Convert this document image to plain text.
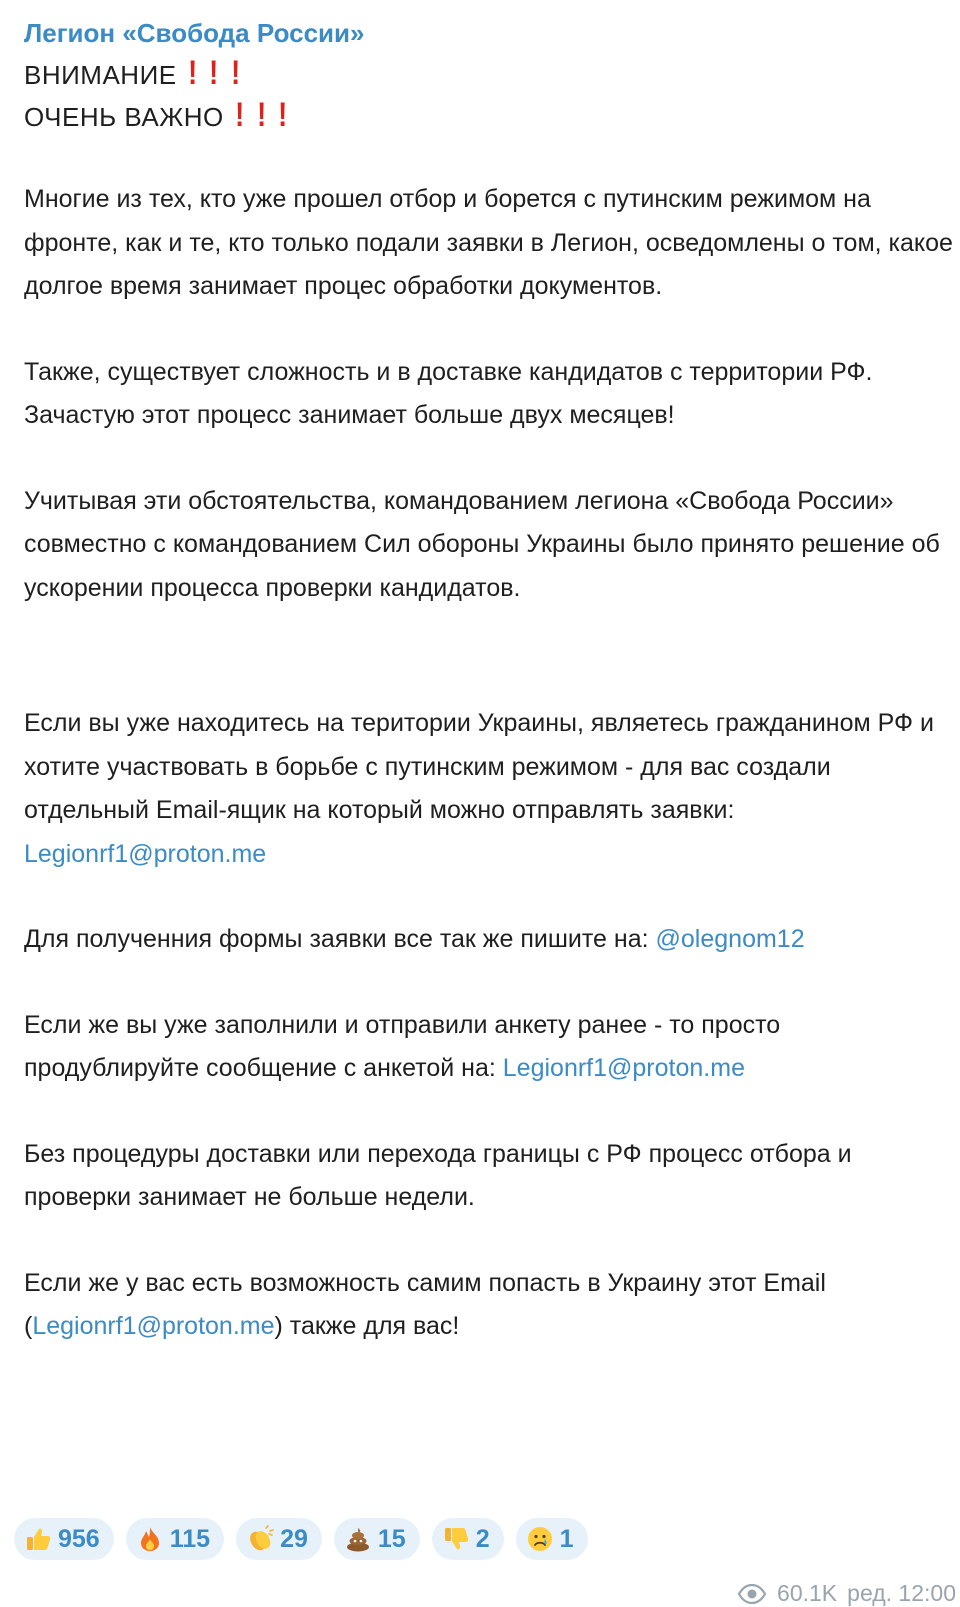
Легион «Свобода России»
ВНИМАНИЕ ! ! !
ОЧЕНЬ ВАЖНО ! ! !

Многие из тех, кто уже прошел отбор и борется с путинским режимом на фронте, как и те, кто только подали заявки в Легион, осведомлены о том, какое долгое время занимает процес обработки документов.

Также, существует сложность и в доставке кандидатов с территории РФ.

Зачастую этот процесс занимает больше двух месяцев!

Учитывая эти обстоятельства, командованием легиона «Свобода России» совместно с командованием Сил обороны Украины было принято решение об ускорении процесса проверки кандидатов.

Если вы уже находитесь на територии Украины, являетесь гражданином РФ и хотите участвовать в борьбе с путинским режимом - для вас создали отдельный Email-ящик на который можно отправлять заявки: Legionrf1@proton.me

Для полученния формы заявки все так же пишите на: @olegnom12

Если же вы уже заполнили и отправили анкету ранее - то просто продублируйте сообщение с анкетой на: Legionrf1@proton.me

Без процедуры доставки или перехода границы с РФ процесс отбора и проверки занимает не больше недели.

Если же у вас есть возможность самим попасть в Украину этот Email (Legionrf1@proton.me) также для вас!

956	115	29	15	2	1
60.1K ред. 12:00
